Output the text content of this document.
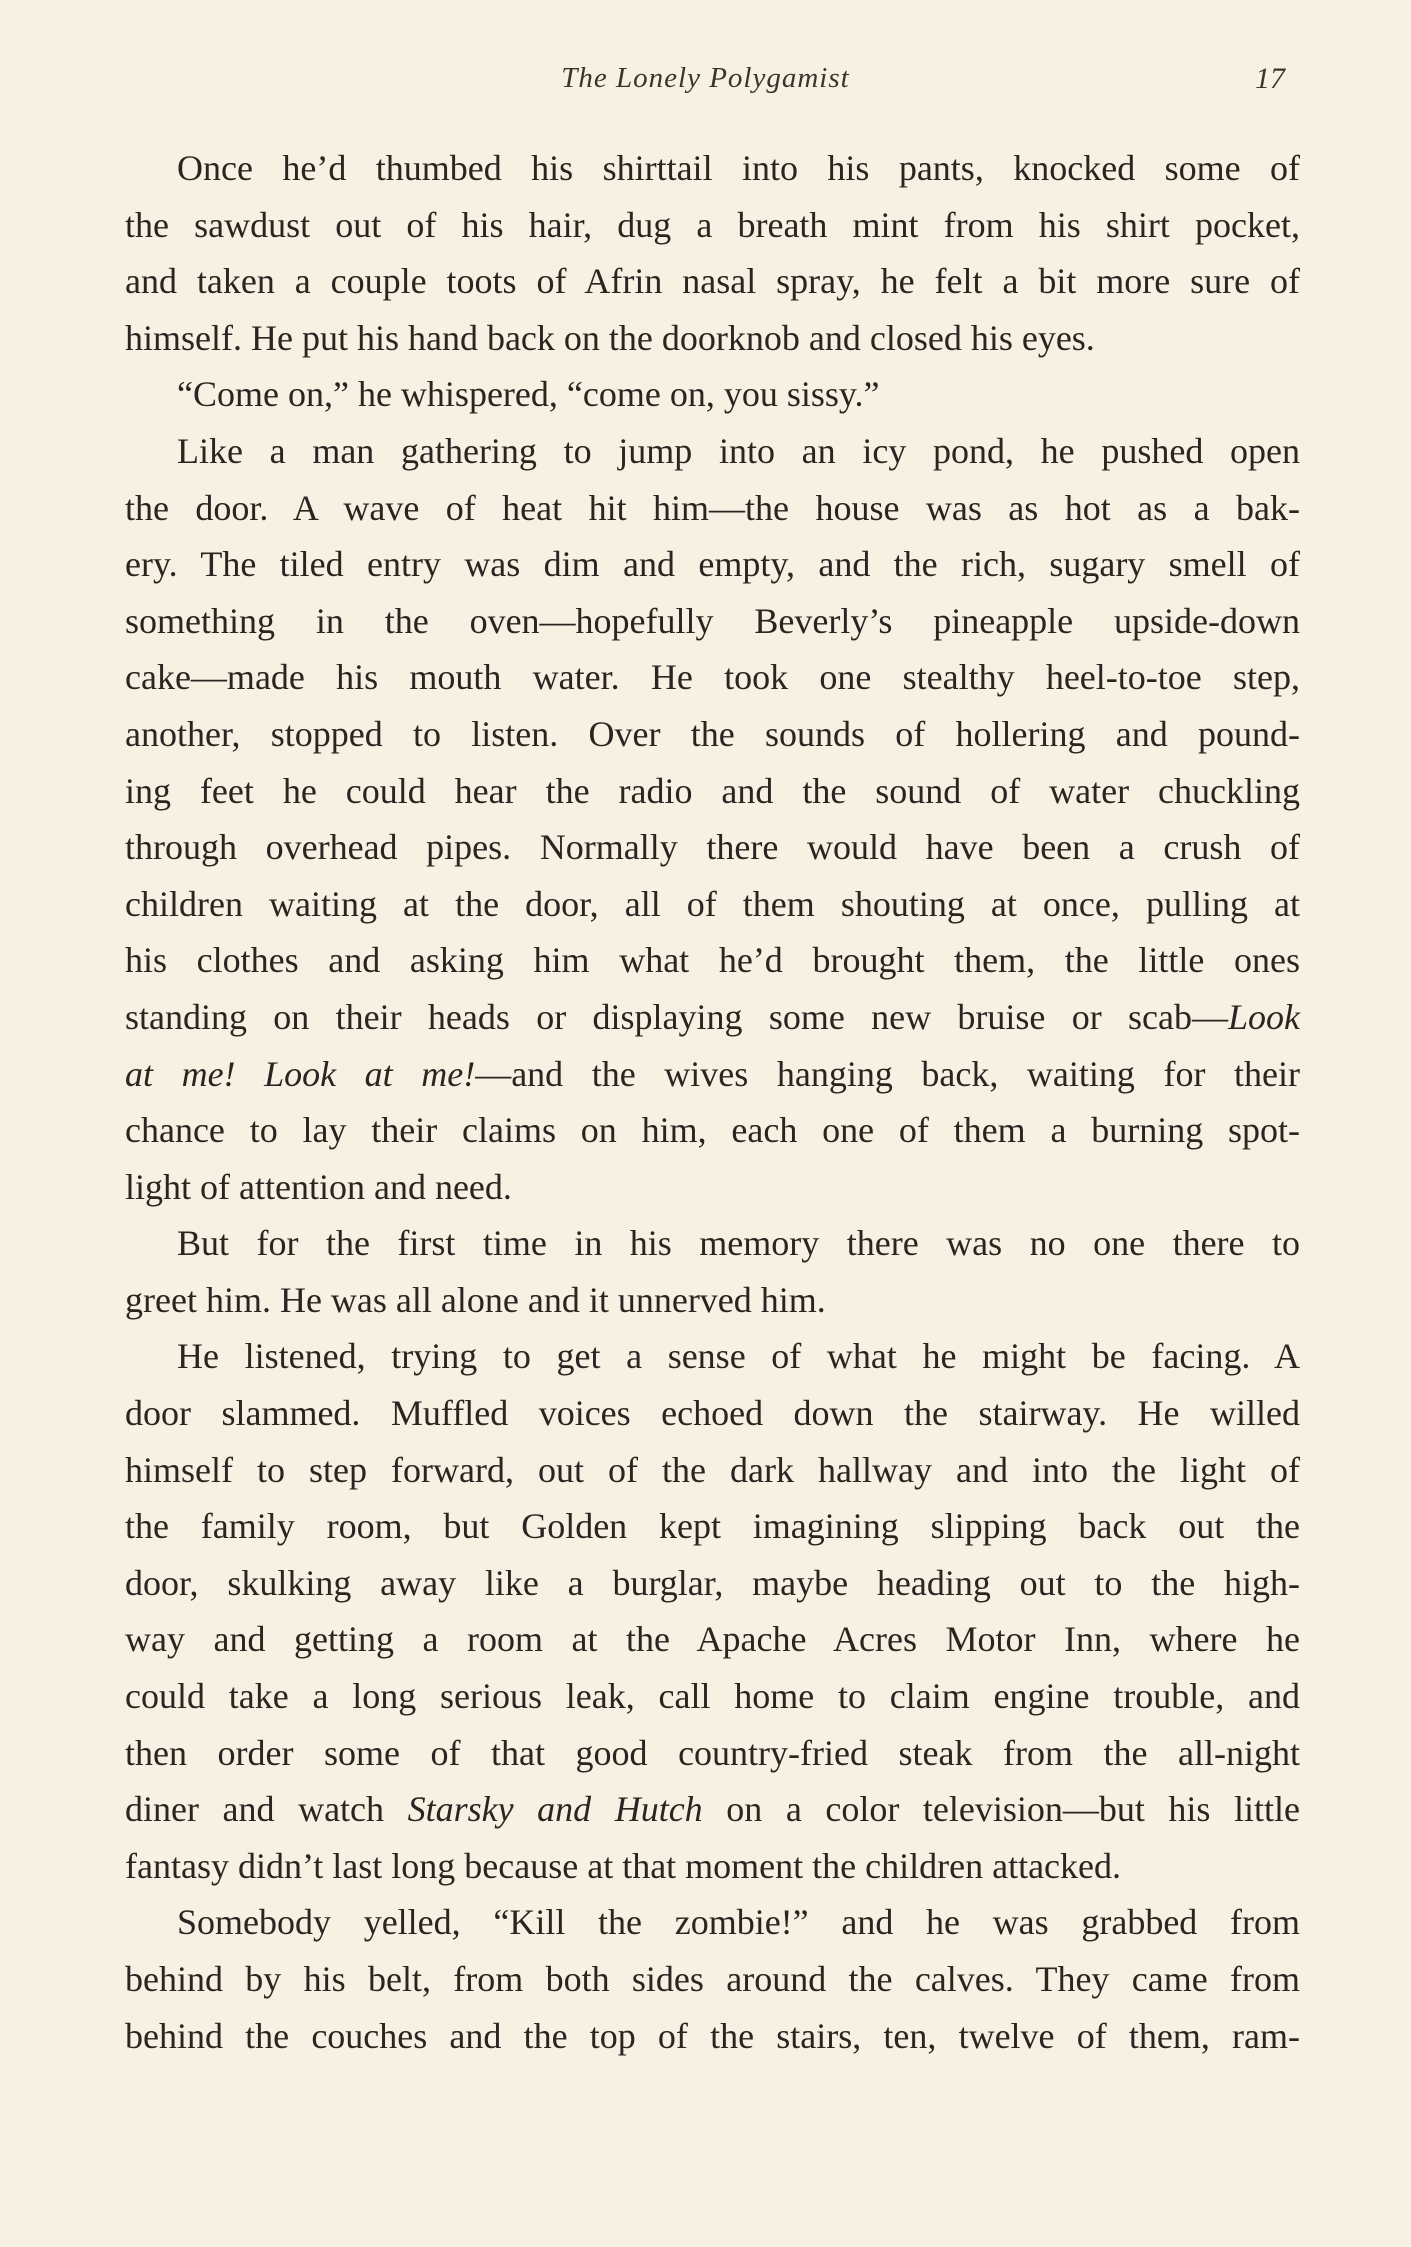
The Lonely Polygamist	17
Once he’d thumbed his shirttail into his pants, knocked some of
the sawdust out of his hair, dug a breath mint from his shirt pocket,
and taken a couple toots of Afrin nasal spray, he felt a bit more sure of
himself. He put his hand back on the doorknob and closed his eyes.
“Come on,” he whispered, “come on, you sissy.”
Like a man gathering to jump into an icy pond, he pushed open
the door. A wave of heat hit him—the house was as hot as a bak-
ery. The tiled entry was dim and empty, and the rich, sugary smell of
something in the oven—hopefully Beverly’s pineapple upside-down
cake—made his mouth water. He took one stealthy heel-to-toe step,
another, stopped to listen. Over the sounds of hollering and pound-
ing feet he could hear the radio and the sound of water chuckling
through overhead pipes. Normally there would have been a crush of
children waiting at the door, all of them shouting at once, pulling at
his clothes and asking him what he’d brought them, the little ones
standing on their heads or displaying some new bruise or scab—Look
at me! Look at me!—and the wives hanging back, waiting for their
chance to lay their claims on him, each one of them a burning spot-
light of attention and need.
But for the first time in his memory there was no one there to
greet him. He was all alone and it unnerved him.
He listened, trying to get a sense of what he might be facing. A
door slammed. Muffled voices echoed down the stairway. He willed
himself to step forward, out of the dark hallway and into the light of
the family room, but Golden kept imagining slipping back out the
door, skulking away like a burglar, maybe heading out to the high-
way and getting a room at the Apache Acres Motor Inn, where he
could take a long serious leak, call home to claim engine trouble, and
then order some of that good country-fried steak from the all-night
diner and watch Starsky and Hutch on a color television—but his little
fantasy didn’t last long because at that moment the children attacked.
Somebody yelled, “Kill the zombie!” and he was grabbed from
behind by his belt, from both sides around the calves. They came from
behind the couches and the top of the stairs, ten, twelve of them, ram-
